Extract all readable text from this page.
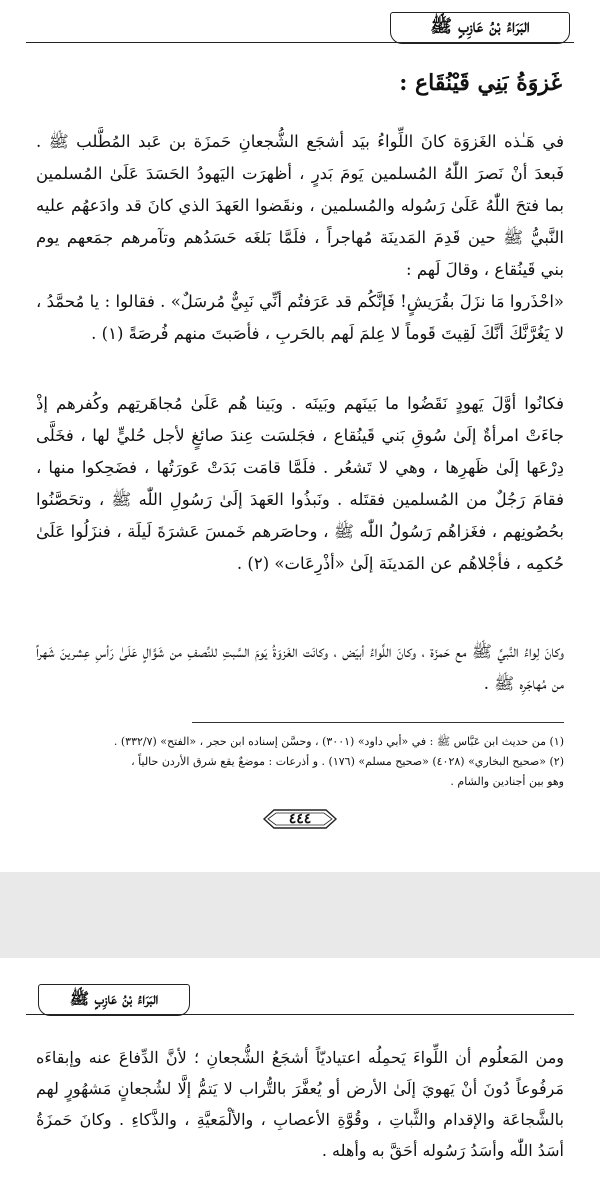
البَرَاءُ بْنُ عَازِبٍ ﷺ
غَزوَةُ بَنِي قَيْنُقَاع :

في هَـٰذه الغَزوَة كانَ اللِّواءُ بيَد أشجَع الشُّجعانِ حَمزَة بن عَبد المُطَّلب ﷺ . فَبعدَ أنْ نَصرَ اللّٰهُ المُسلمين يَومَ بَدرٍ ، أظهرَت اليَهودُ الحَسَدَ عَلَىٰ المُسلمين بما فتحَ اللّٰهُ عَلَىٰ رَسُوله والمُسلمين ، ونقَضوا العَهدَ الذي كانَ قد وادَعهُم عليه النَّبيُّ ﷺ حين قَدِمَ المَدينَة مُهاجراً ، فلَمَّا بَلغَه حَسَدُهم وتآمرهم جمَعهم يوم بني قَينُقاع ، وقالَ لَهم :

«احْذَروا مَا نزَلَ بقُرَيشٍ! فَإنَّكُم قد عَرَفتُم أنِّي نَبِيٌّ مُرسَلٌ» . فقالوا : يا مُحمَّدُ ، لا يَغُرَّنَّكَ أنَّكَ لَقِيتَ قَوماً لا عِلمَ لَهم بالحَربِ ، فأصَبتَ منهم فُرصَةً (١) .

فكانُوا أوَّلَ يَهودٍ نَقَضُوا ما بَينَهم وبَينَه . وبَينا هُم عَلَىٰ مُجاهَرتِهم وكُفرهم إذْ جاءَتْ امرأةٌ إلَىٰ سُوقِ بَني قَينُقاع ، فجَلسَت عِندَ صائغٍ لأجل حُليٍّ لها ، فخَلَّى دِرْعَها إلَىٰ ظَهرِها ، وهي لا تَشعُر . فلَمَّا قامَت بَدَتْ عَورَتُها ، فضَحِكوا منها ، فقامَ رَجُلٌ من المُسلمين فقتَله . ونَبذُوا العَهدَ إلَىٰ رَسُولِ اللّٰه ﷺ ، وتحَصَّنُوا بحُصُونِهم ، فغَزاهُم رَسُولُ اللّٰه ﷺ ، وحاصَرهم خَمسَ عَشرَةَ لَيلَة ، فنزَلُوا عَلَىٰ حُكمِه ، فأجْلاهُم عن المَدينَة إلَىٰ «أذْرِعَات» (٢) .

وكانَ لِواءُ النَّبيِّ ﷺ مع حَمزَة ، وكانَ اللِّواءُ أبيَض ، وكانَت الغَزوَةُ يَومَ السَّبتِ للنِّصفِ من شَوَّالٍ عَلَىٰ رَأسِ عِشرينَ شَهراً من مُهاجَرِه ﷺ .

(١) من حديث ابن عَبَّاس ﷺ : في «أبي داود» (٣٠٠١) ، وحسَّن إسناده ابن حجر ، «الفتح» (٣٣٢/٧) .
(٢) «صحيح البخاري» (٤٠٢٨) «صحيح مسلم» (١٧٦) . و أذرعات : موضعٌ يقع شرق الأردن حالياً ،
وهو بين أجنادين والشام .
٤٤٤
البَرَاءُ بْنُ عَازِبٍ ﷺ

ومن المَعلُوم أن اللِّواءَ يَحمِلُه اعتياديّاً أشجَعُ الشُّجعانِ ؛ لأنَّ الدِّفاعَ عنه وإبقاءَه مَرفُوعاً دُونَ أنْ يَهويَ إلَىٰ الأرض أو يُعفَّرَ بالتُّراب لا يَتمُّ إلَّا لشُجعانٍ مَشهُورٍ لهم بالشَّجاعَة والإقدام والثَّباتِ ، وقُوَّةِ الأعصابِ ، والألْمَعيَّةِ ، والذَّكاءِ . وكانَ حَمزَةُ أسَدُ اللّٰه وأسَدُ رَسُوله أحَقَّ به وأهله .
